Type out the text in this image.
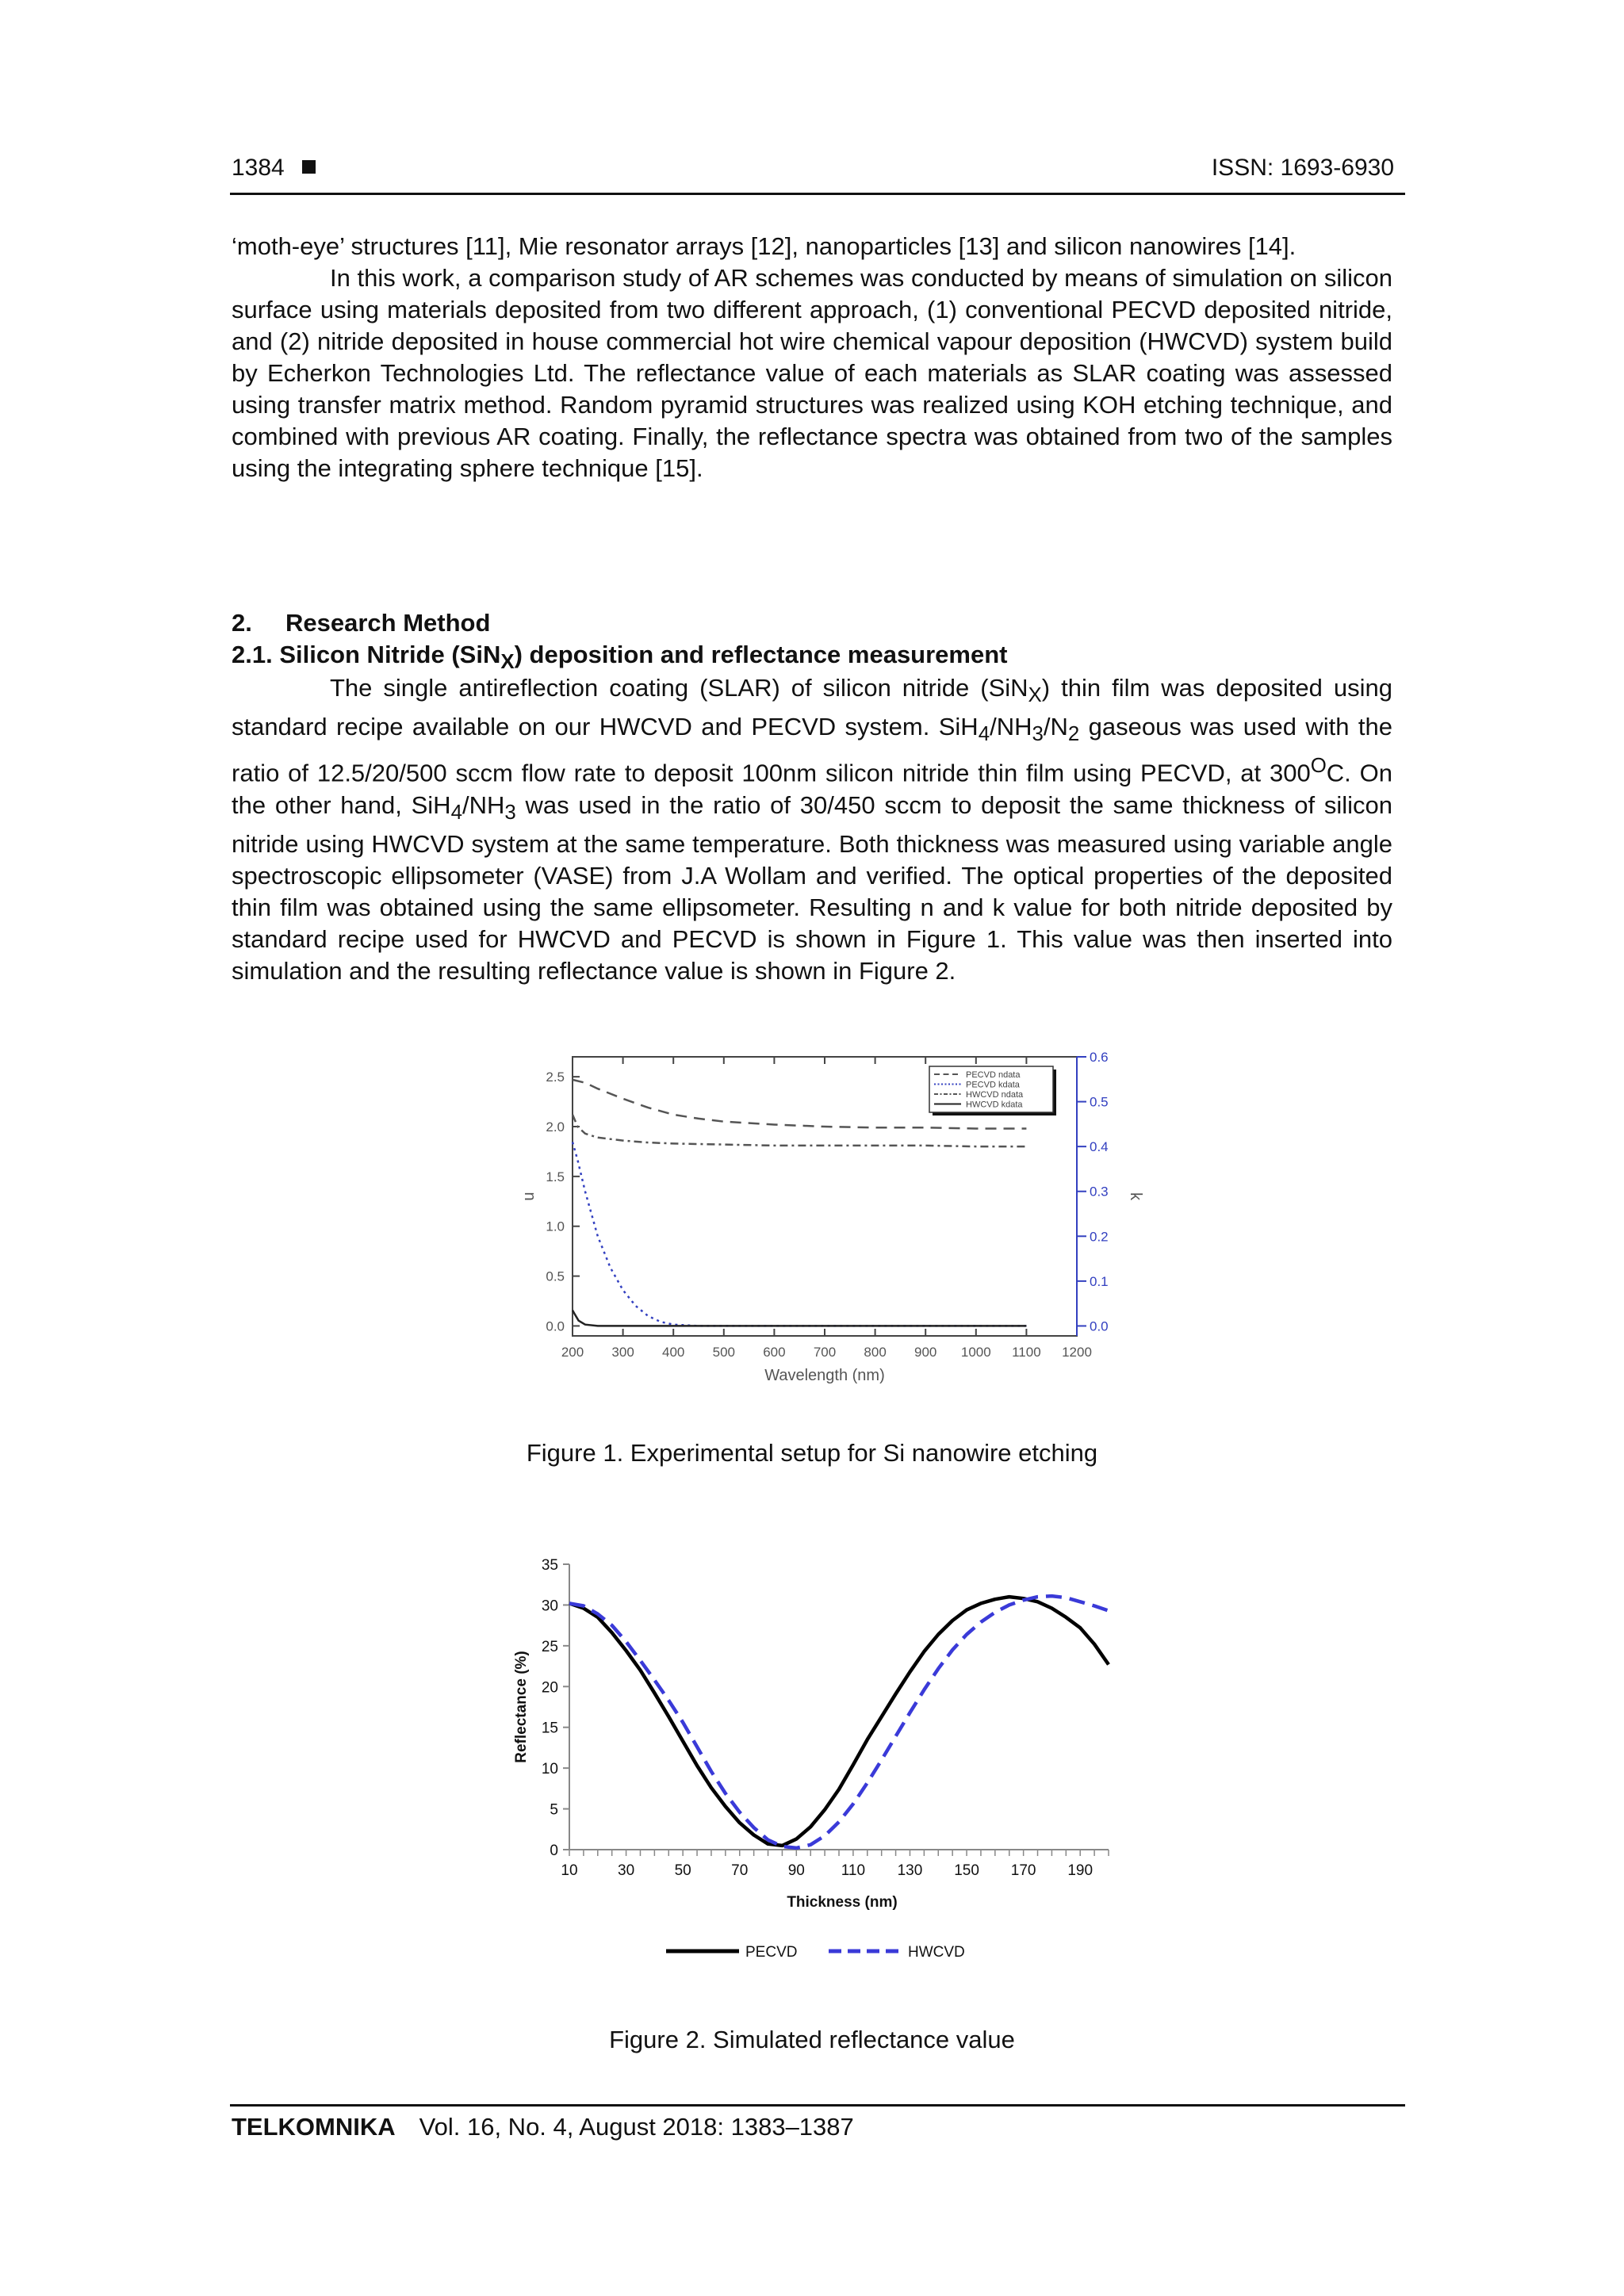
1384	ISSN: 1693-6930

‘moth-eye’ structures [11], Mie resonator arrays [12], nanoparticles [13] and silicon nanowires [14].

In this work, a comparison study of AR schemes was conducted by means of simulation on silicon surface using materials deposited from two different approach, (1) conventional PECVD deposited nitride, and (2) nitride deposited in house commercial hot wire chemical vapour deposition (HWCVD) system build by Echerkon Technologies Ltd. The reflectance value of each materials as SLAR coating was assessed using transfer matrix method. Random pyramid structures was realized using KOH etching technique, and combined with previous AR coating. Finally, the reflectance spectra was obtained from two of the samples using the integrating sphere technique [15].

2. Research Method
2.1. Silicon Nitride (SiN$_X$) deposition and reflectance measurement

The single antireflection coating (SLAR) of silicon nitride (SiN$_X$) thin film was deposited using standard recipe available on our HWCVD and PECVD system. $SiH_4/NH_3/N_2$ gaseous was used with the ratio of 12.5/20/500 sccm flow rate to deposit 100nm silicon nitride thin film using PECVD, at $300^OC$. On the other hand, $SiH_4/NH_3$ was used in the ratio of 30/450 sccm to deposit the same thickness of silicon nitride using HWCVD system at the same temperature. Both thickness was measured using variable angle spectroscopic ellipsometer (VASE) from J.A Wollam and verified. The optical properties of the deposited thin film was obtained using the same ellipsometer. Resulting n and k value for both nitride deposited by standard recipe used for HWCVD and PECVD is shown in Figure 1. This value was then inserted into simulation and the resulting reflectance value is shown in Figure 2.

200 300 400 500 600 700 800 900 1000 1100 1200
0.0
0.5
1.0
1.5
2.0
2.5
0.0
0.1
0.2
0.3
0.4
0.5
0.6
Wavelength (nm)
n	k
PECVD ndata
PECVD kdata
HWCVD ndata
HWCVD kdata
Figure 1. Experimental setup for Si nanowire etching
0
5
10
15
20
25
30
35
10	30	50	70	90 110 130 150 170 190
Thickness (nm)
Reflectance (%)
PECVD	HWCVD
Figure 2. Simulated reflectance value
TELKOMNIKA Vol. 16, No. 4, August 2018: 1383–1387
